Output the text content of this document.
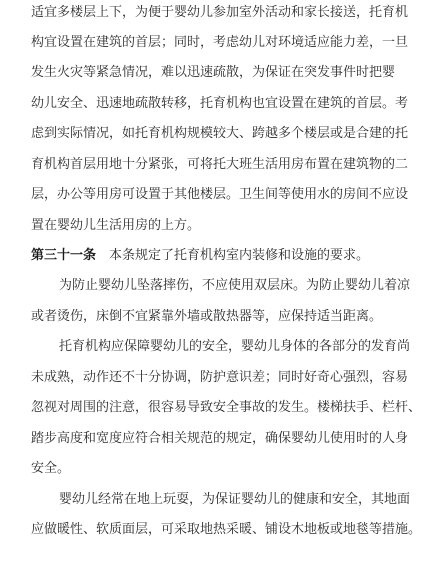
适宜多楼层上下，为便于婴幼儿参加室外活动和家长接送，托育机
构宜设置在建筑的首层；同时，考虑幼儿对环境适应能力差，一旦
发生火灾等紧急情况，难以迅速疏散，为保证在突发事件时把婴
幼儿安全、迅速地疏散转移，托育机构也宜设置在建筑的首层。考
虑到实际情况，如托育机构规模较大、跨越多个楼层或是合建的托
育机构首层用地十分紧张，可将托大班生活用房布置在建筑物的二
层，办公等用房可设置于其他楼层。卫生间等使用水的房间不应设
置在婴幼儿生活用房的上方。
第三十一条 本条规定了托育机构室内装修和设施的要求。
为防止婴幼儿坠落摔伤，不应使用双层床。为防止婴幼儿着凉
或者烫伤，床倒不宜紧靠外墙或散热器等，应保持适当距离。
托育机构应保障婴幼儿的安全，婴幼儿身体的各部分的发育尚
未成熟，动作还不十分协调，防护意识差；同时好奇心强烈，容易
忽视对周围的注意，很容易导致安全事故的发生。楼梯扶手、栏杆、
踏步高度和宽度应符合相关规范的规定，确保婴幼儿使用时的人身
安全。
婴幼儿经常在地上玩耍，为保证婴幼儿的健康和安全，其地面
应做暖性、软质面层，可采取地热采暖、铺设木地板或地毯等措施。
